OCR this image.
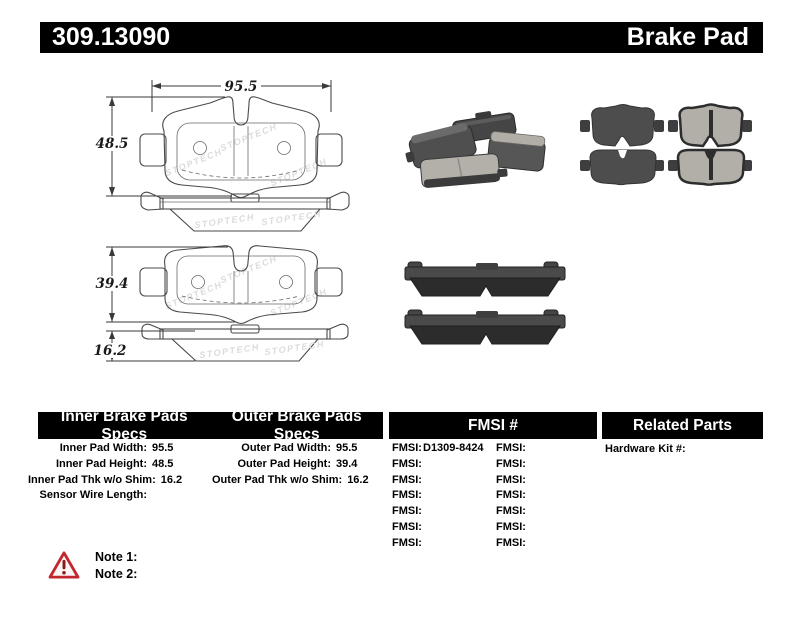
309.13090	Brake Pad
STOPTECH
STOPTECH
STOPTECH
95.5
48.5
STOPTECH STOPTECH
STOPTECH
STOPTECH
STOPTECH
39.4
STOPTECH STOPTECH
16.2
Inner Brake Pads Specs
Outer Brake Pads Specs
FMSI #	Related Parts
Inner Pad Width: 95.5
Inner Pad Height: 48.5
Inner Pad Thk w/o Shim: 16.2
Sensor Wire Length:
Outer Pad Width: 95.5
Outer Pad Height: 39.4
Outer Pad Thk w/o Shim: 16.2
FMSI: D1309-8424
FMSI:
FMSI:
FMSI:
FMSI:
FMSI:
FMSI:
FMSI:
FMSI:
FMSI:
FMSI:
FMSI:
FMSI:
FMSI:
Hardware Kit #:
Note 1:
Note 2:
